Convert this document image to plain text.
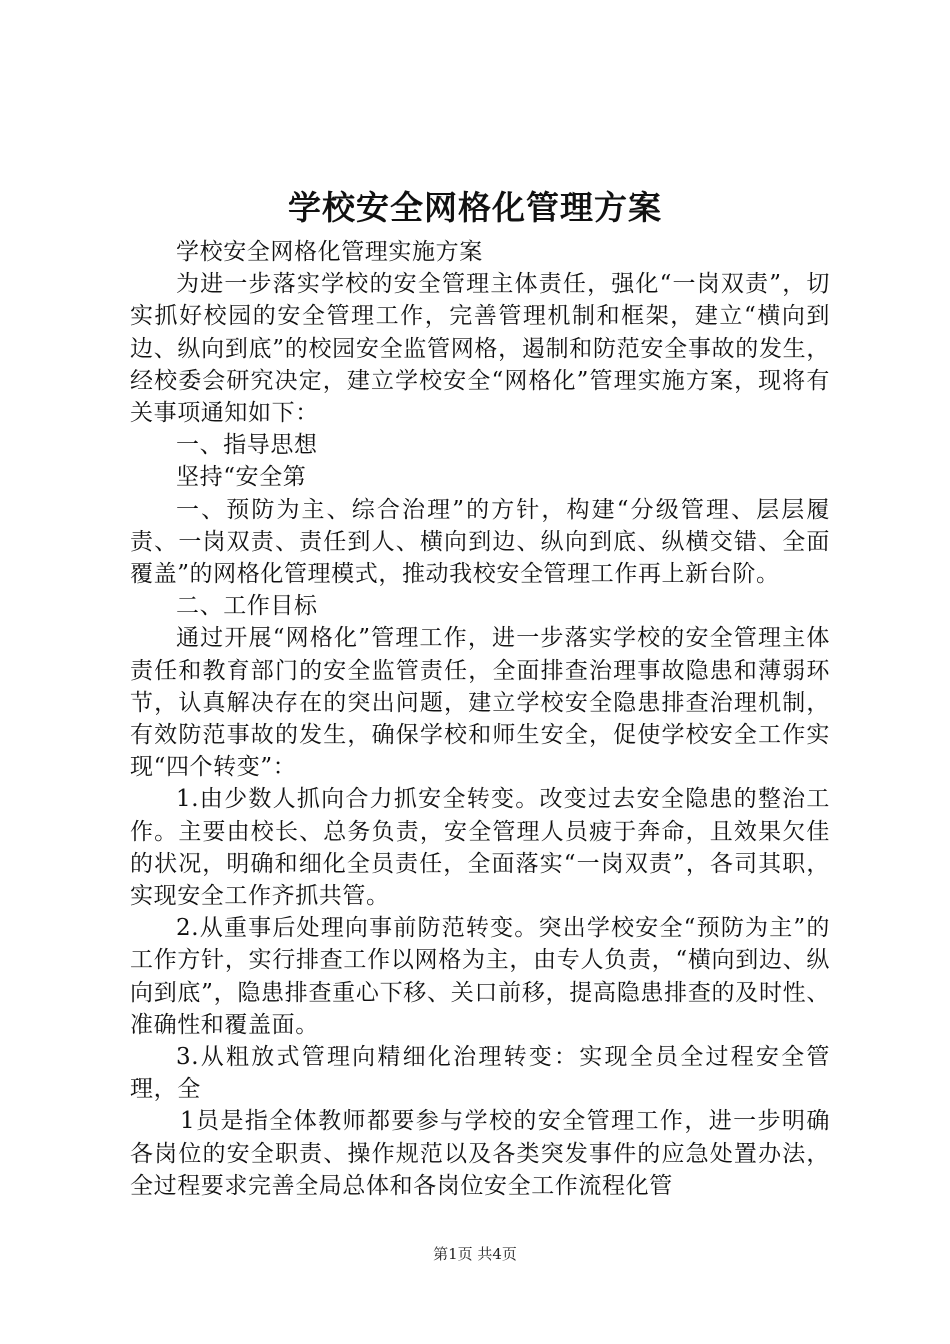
学校安全网格化管理方案

学校安全网格化管理实施方案

为进一步落实学校的安全管理主体责任，强化“一岗双责”，切实抓好校园的安全管理工作，完善管理机制和框架，建立“横向到边、纵向到底”的校园安全监管网格，遏制和防范安全事故的发生，经校委会研究决定，建立学校安全“网格化”管理实施方案，现将有关事项通知如下：

一、指导思想

坚持“安全第

一、预防为主、综合治理”的方针，构建“分级管理、层层履责、一岗双责、责任到人、横向到边、纵向到底、纵横交错、全面覆盖”的网格化管理模式，推动我校安全管理工作再上新台阶。

二、工作目标

通过开展“网格化”管理工作，进一步落实学校的安全管理主体责任和教育部门的安全监管责任，全面排查治理事故隐患和薄弱环节，认真解决存在的突出问题，建立学校安全隐患排查治理机制，有效防范事故的发生，确保学校和师生安全，促使学校安全工作实现“四个转变”：

1.由少数人抓向合力抓安全转变。改变过去安全隐患的整治工作。主要由校长、总务负责，安全管理人员疲于奔命，且效果欠佳的状况，明确和细化全员责任，全面落实“一岗双责”，各司其职，实现安全工作齐抓共管。

2.从重事后处理向事前防范转变。突出学校安全“预防为主”的工作方针，实行排查工作以网格为主，由专人负责，“横向到边、纵向到底”，隐患排查重心下移、关口前移，提高隐患排查的及时性、准确性和覆盖面。

3.从粗放式管理向精细化治理转变：实现全员全过程安全管理，全

1员是指全体教师都要参与学校的安全管理工作，进一步明确各岗位的安全职责、操作规范以及各类突发事件的应急处置办法，全过程要求完善全局总体和各岗位安全工作流程化管

第1页 共4页
